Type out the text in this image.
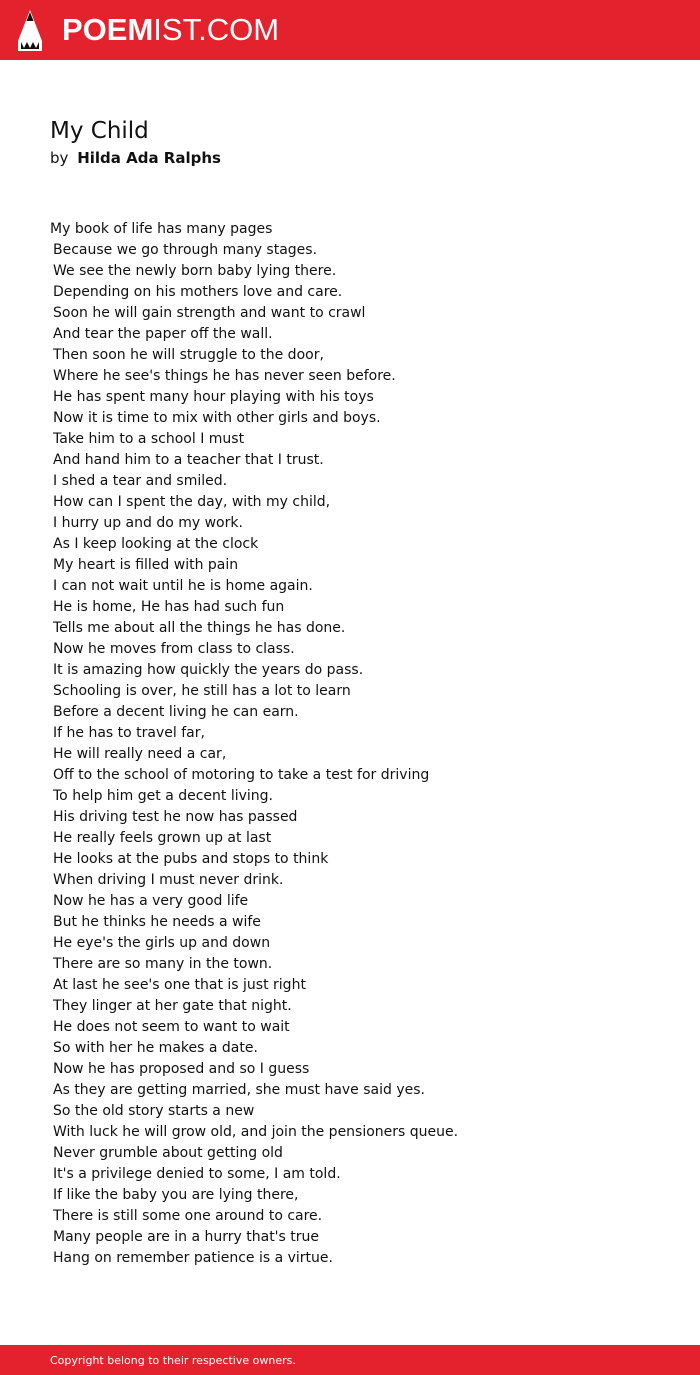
POEMIST.COM
My Child
by Hilda Ada Ralphs
My book of life has many pages
Because we go through many stages.
We see the newly born baby lying there.
Depending on his mothers love and care.
Soon he will gain strength and want to crawl
And tear the paper off the wall.
Then soon he will struggle to the door,
Where he see's things he has never seen before.
He has spent many hour playing with his toys
Now it is time to mix with other girls and boys.
Take him to a school I must
And hand him to a teacher that I trust.
I shed a tear and smiled.
How can I spent the day, with my child,
I hurry up and do my work.
As I keep looking at the clock
My heart is filled with pain
I can not wait until he is home again.
He is home, He has had such fun
Tells me about all the things he has done.
Now he moves from class to class.
It is amazing how quickly the years do pass.
Schooling is over, he still has a lot to learn
Before a decent living he can earn.
If he has to travel far,
He will really need a car,
Off to the school of motoring to take a test for driving
To help him get a decent living.
His driving test he now has passed
He really feels grown up at last
He looks at the pubs and stops to think
When driving I must never drink.
Now he has a very good life
But he thinks he needs a wife
He eye's the girls up and down
There are so many in the town.
At last he see's one that is just right
They linger at her gate that night.
He does not seem to want to wait
So with her he makes a date.
Now he has proposed and so I guess
As they are getting married, she must have said yes.
So the old story starts a new
With luck he will grow old, and join the pensioners queue.
Never grumble about getting old
It's a privilege denied to some, I am told.
If like the baby you are lying there,
There is still some one around to care.
Many people are in a hurry that's true
Hang on remember patience is a virtue.
Copyright belong to their respective owners.
